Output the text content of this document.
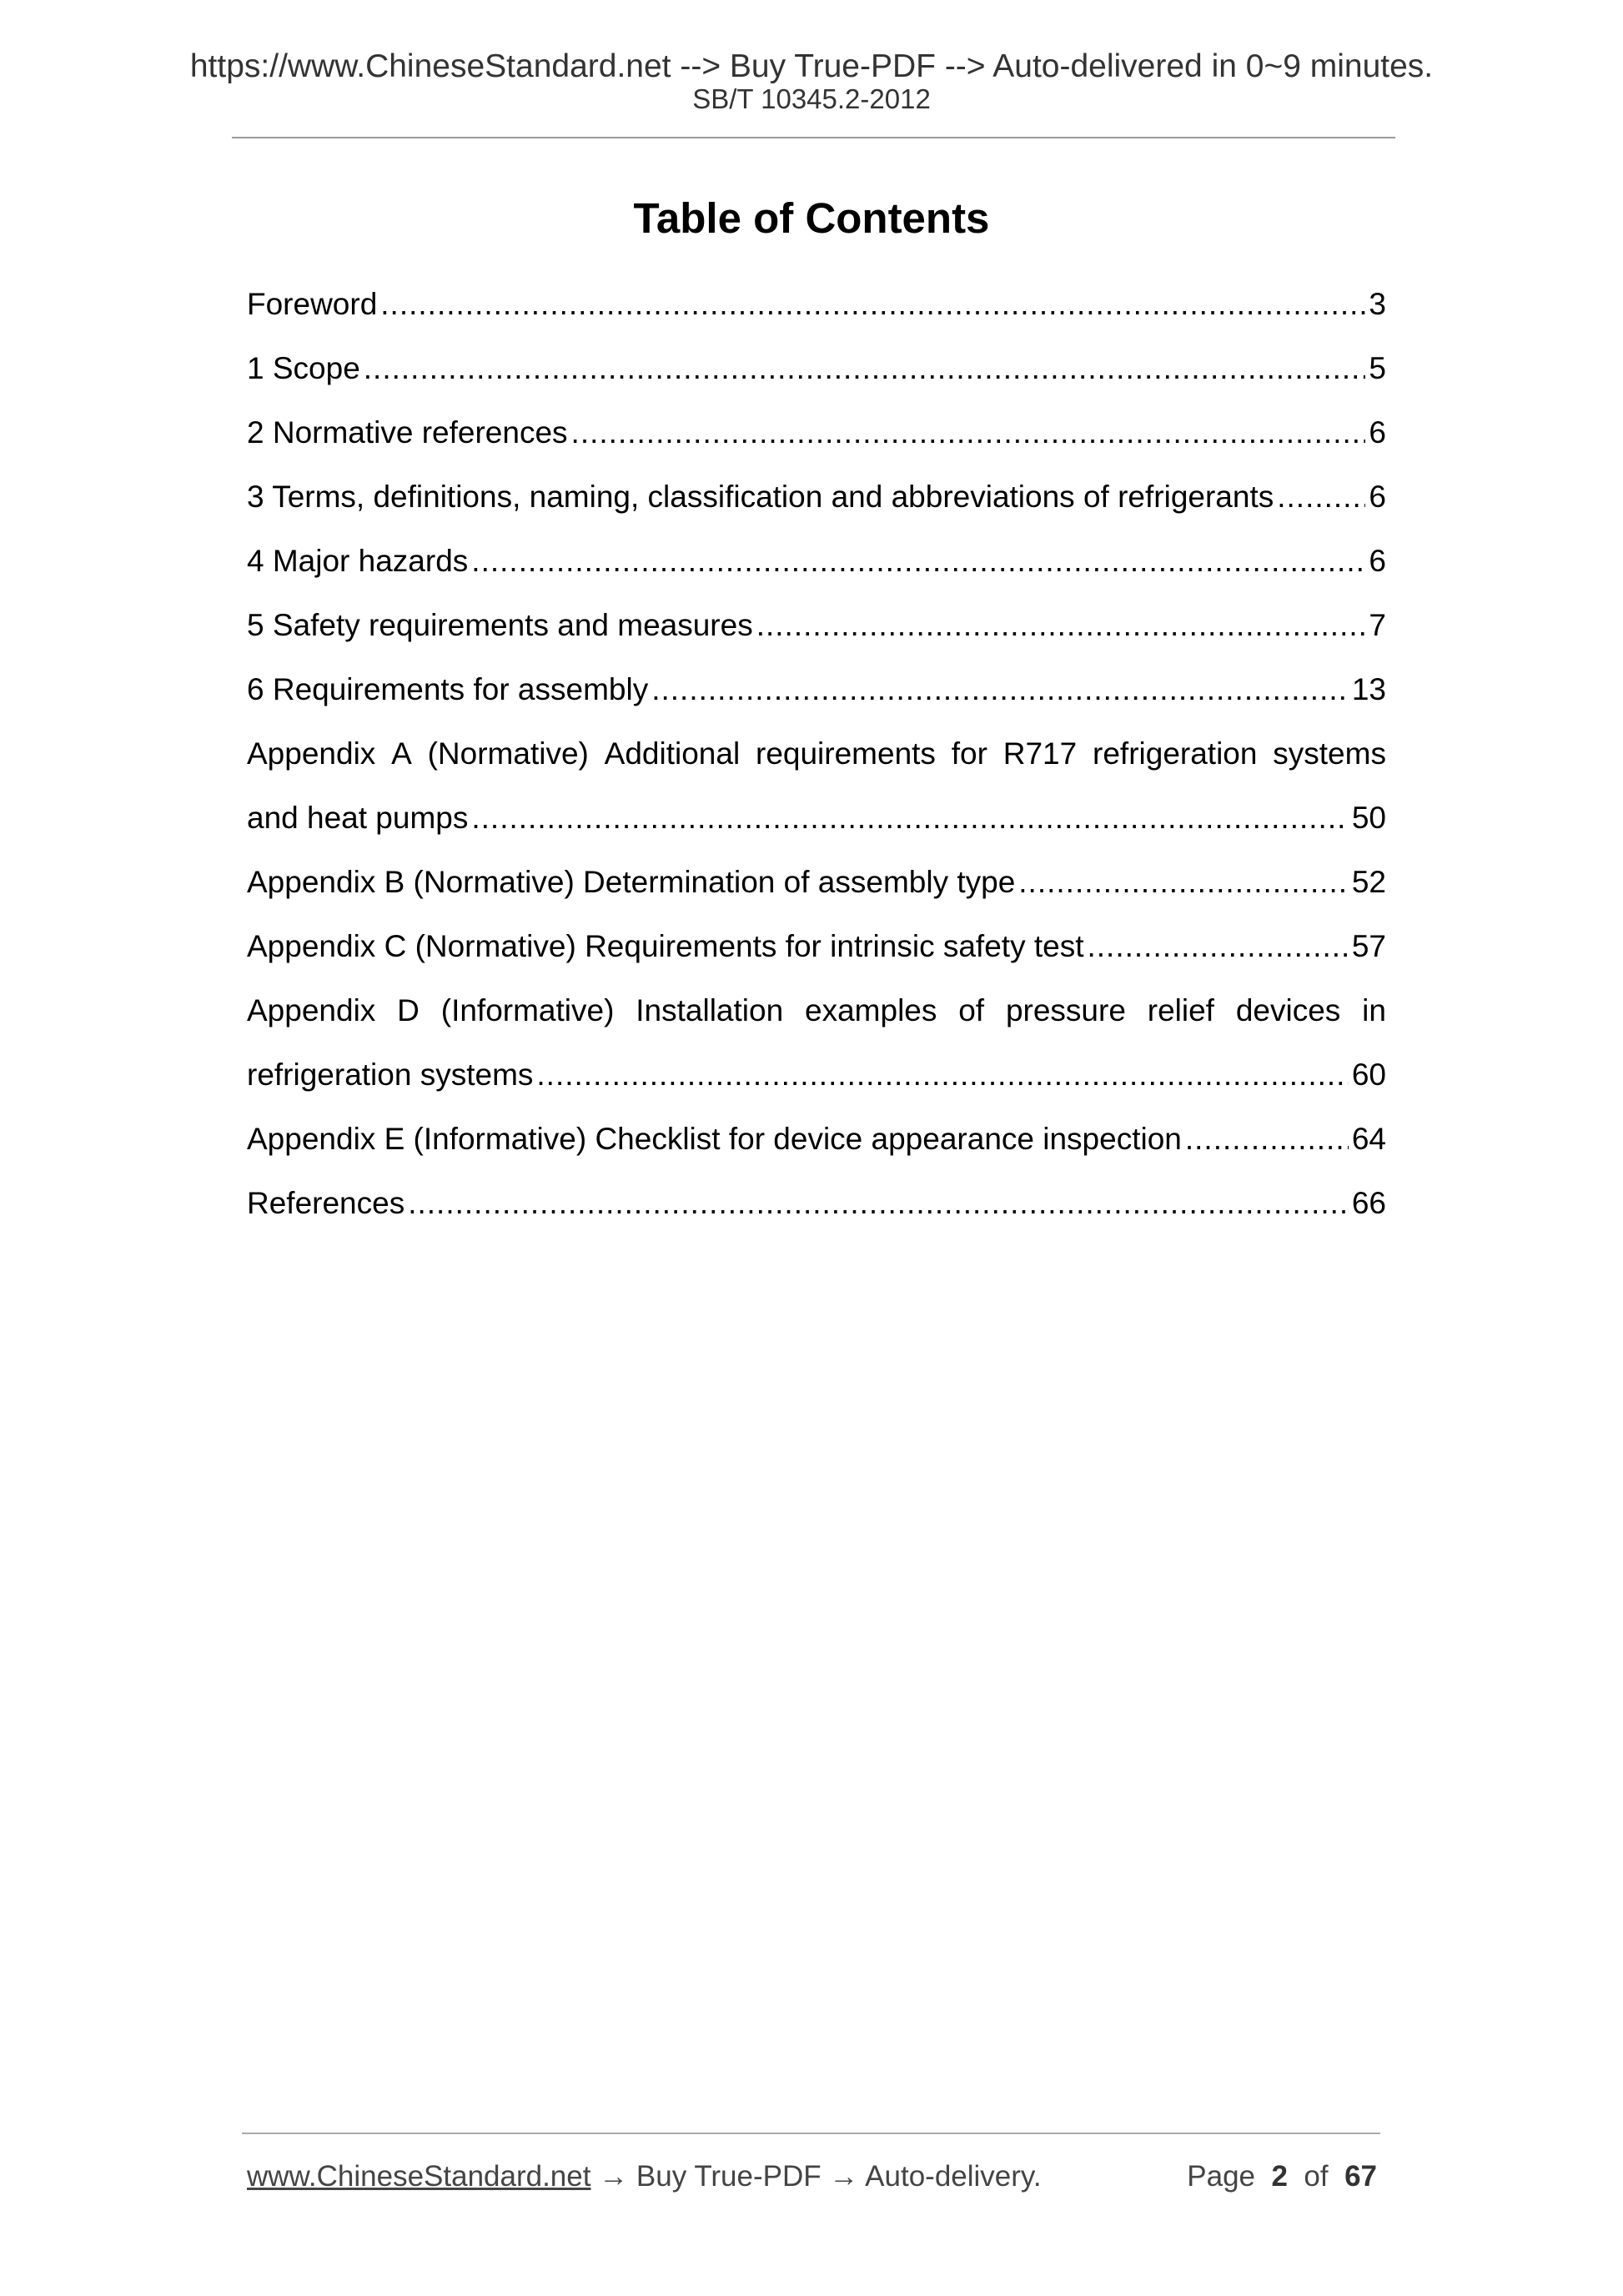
https://www.ChineseStandard.net --> Buy True-PDF --> Auto-delivered in 0~9 minutes.
SB/T 10345.2-2012
Table of Contents
Foreword .....	3
1 Scope .....	5
2 Normative references .....	6
3 Terms, definitions, naming, classification and abbreviations of refrigerants .....	6
4 Major hazards .....	6
5 Safety requirements and measures .....	7
6 Requirements for assembly .....	13
Appendix A (Normative) Additional requirements for R717 refrigeration systems
and heat pumps .....	50
Appendix B (Normative) Determination of assembly type .....	52
Appendix C (Normative) Requirements for intrinsic safety test .....	57
Appendix D (Informative) Installation examples of pressure relief devices in
refrigeration systems .....	60
Appendix E (Informative) Checklist for device appearance inspection .....	64
References .....	66
www.ChineseStandard.net → Buy True-PDF → Auto-delivery.	Page 2 of 67
